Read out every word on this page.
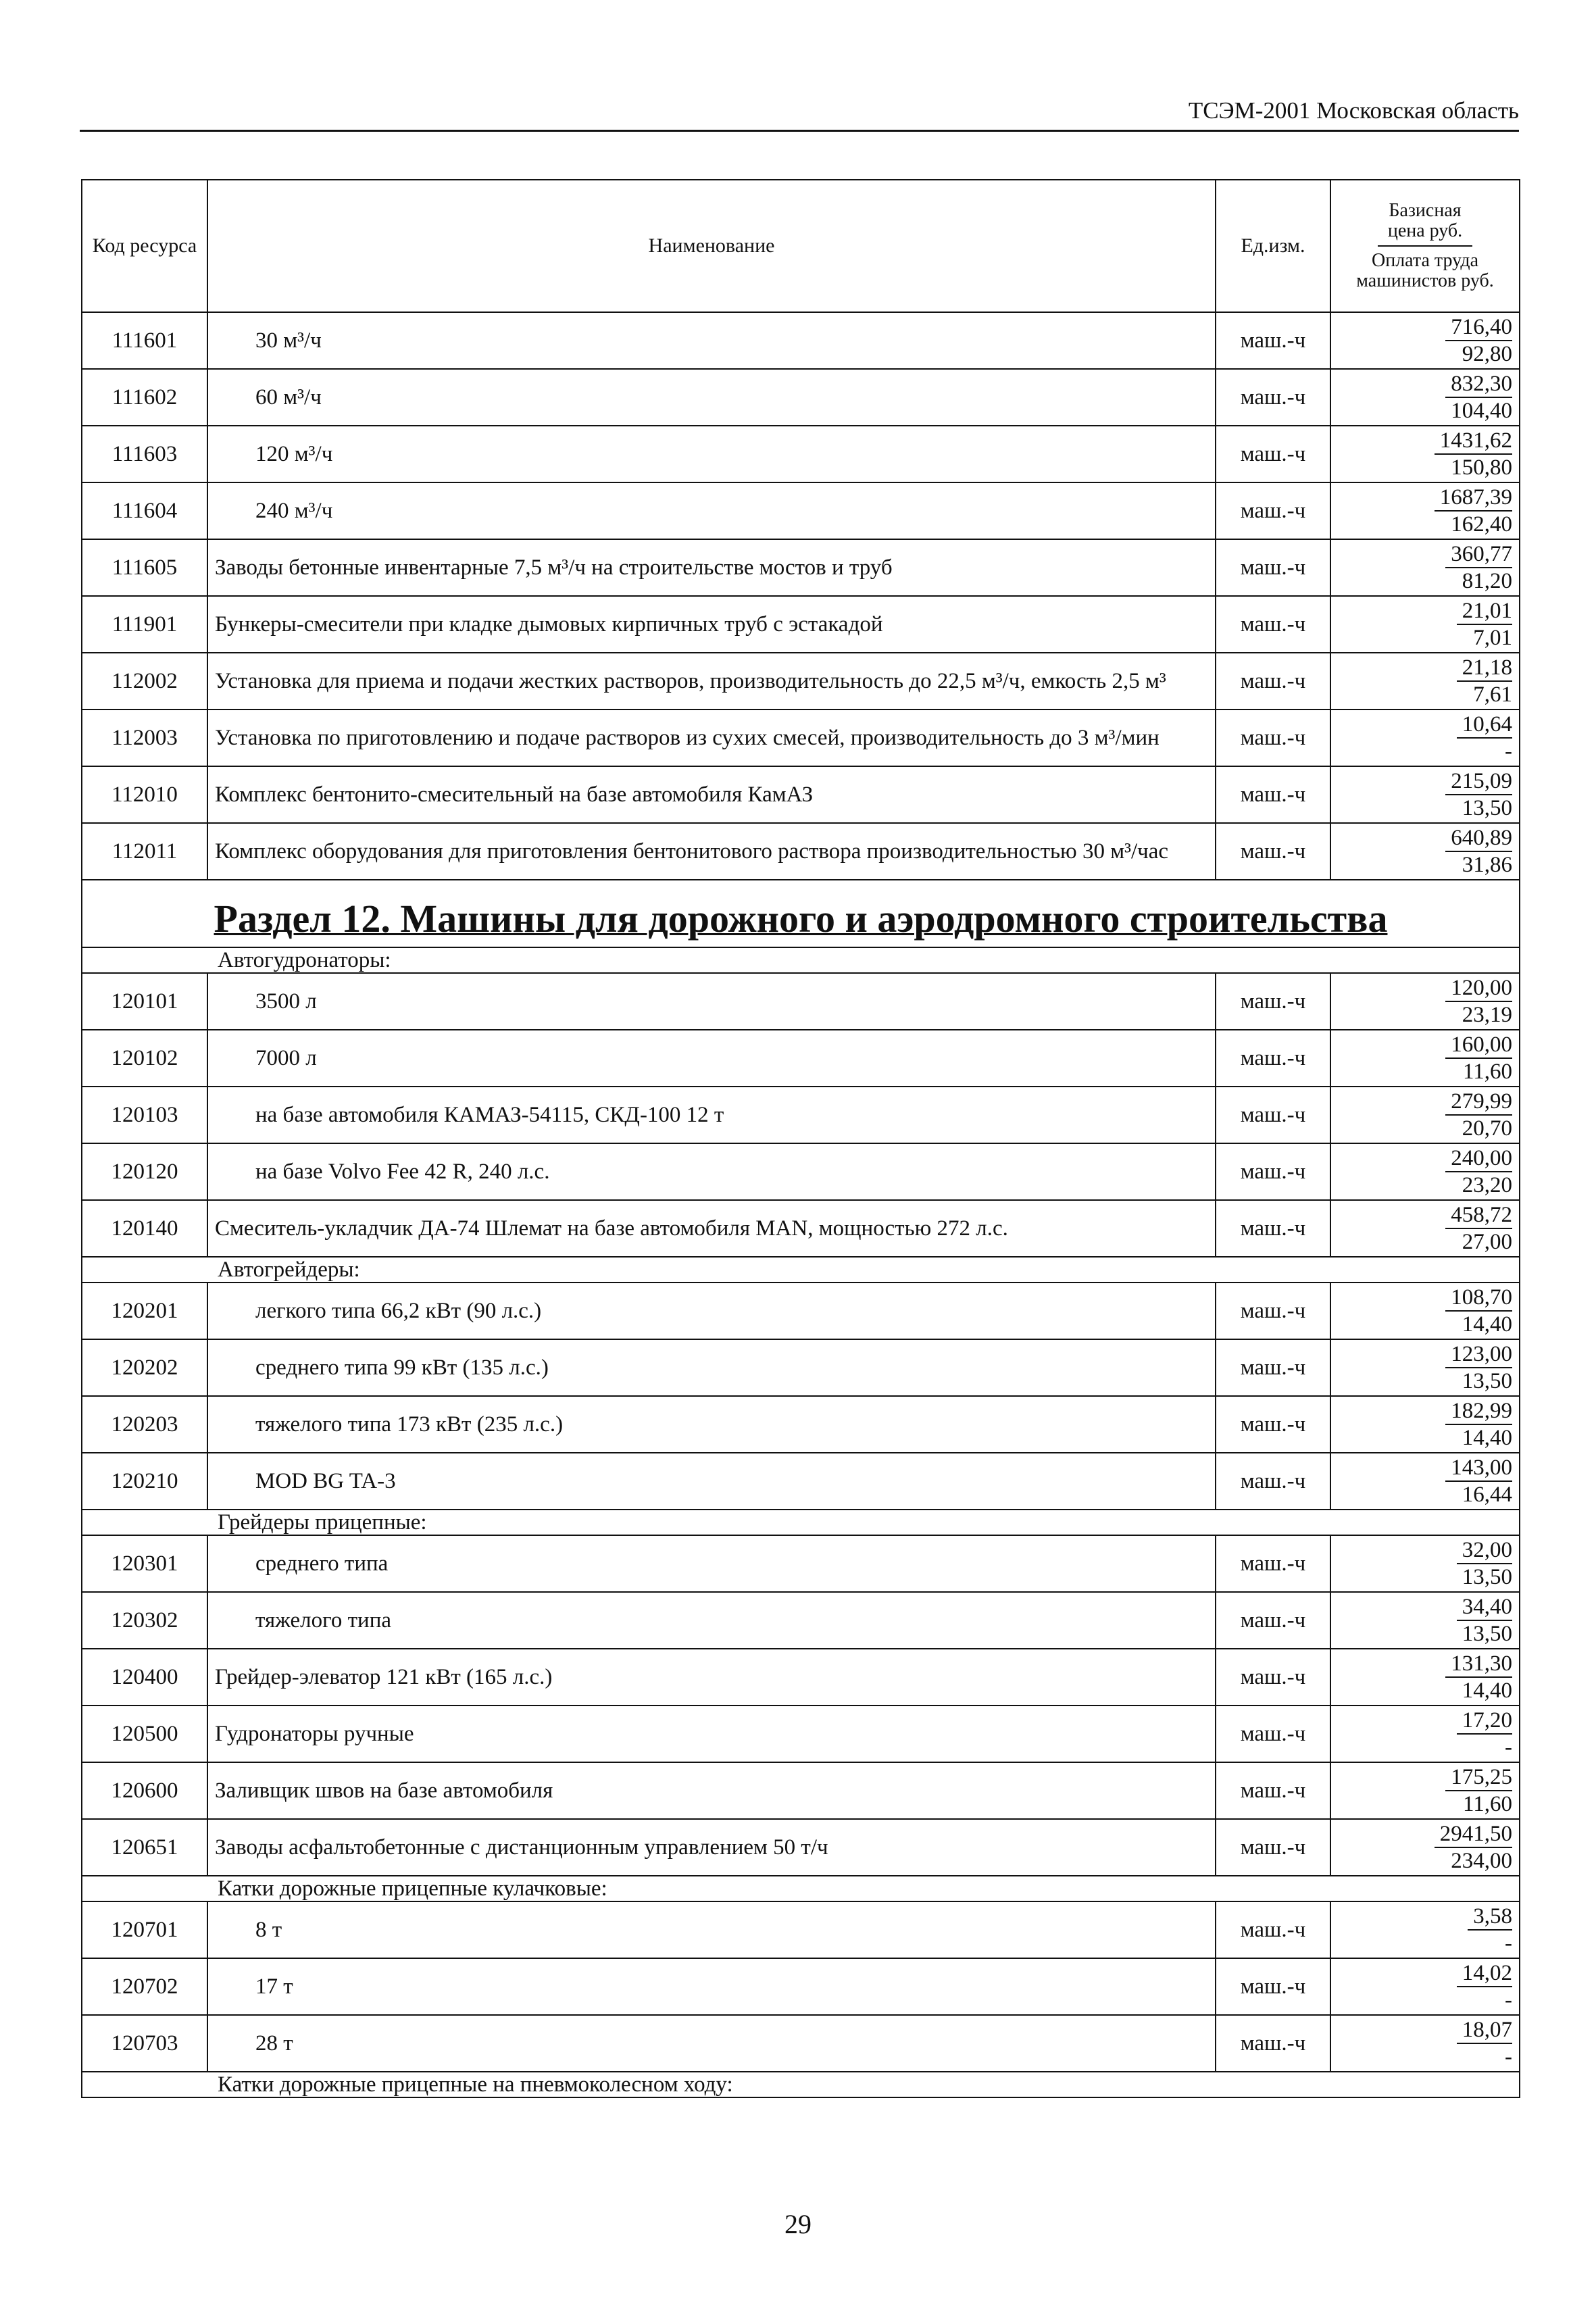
ТСЭМ-2001 Московская область
Код ресурса	Наименование	Ед.изм.	Базисная цена руб.
Оплата труда машинистов руб.

111601	30 м³/ч	маш.-ч	$\frac{716,40}{92,80}$

111602	60 м³/ч	маш.-ч	$\frac{832,30}{104,40}$

111603	120 м³/ч	маш.-ч	$\frac{1431,62}{150,80}$

111604	240 м³/ч	маш.-ч	$\frac{1687,39}{162,40}$

111605	Заводы бетонные инвентарные 7,5 м³/ч на строительстве мостов и труб	маш.-ч	$\frac{360,77}{81,20}$

111901	Бункеры-смесители при кладке дымовых кирпичных труб с эстакадой	маш.-ч	$\frac{21,01}{7,01}$

112002	Установка для приема и подачи жестких растворов, производительность до 22,5 м³/ч, емкость 2,5 м³	маш.-ч	$\frac{21,18}{7,61}$

112003	Установка по приготовлению и подаче растворов из сухих смесей, производительность до 3 м³/мин	маш.-ч	$\frac{10,64}{-}$

112010	Комплекс бентонито-смесительный на базе автомобиля КамАЗ	маш.-ч	$\frac{215,09}{13,50}$

112011	Комплекс оборудования для приготовления бентонитового раствора производительностью 30 м³/час	маш.-ч	$\frac{640,89}{31,86}$

Раздел 12. Машины для дорожного и аэродромного строительства			
Автогудронаторы:			
120101	3500 л	маш.-ч	$\frac{120,00}{23,19}$

120102	7000 л	маш.-ч	$\frac{160,00}{11,60}$

120103	на базе автомобиля КАМАЗ-54115, СКД-100 12 т	маш.-ч	$\frac{279,99}{20,70}$

120120	на базе Volvo Fee 42 R, 240 л.с.	маш.-ч	$\frac{240,00}{23,20}$

120140	Смеситель-укладчик ДА-74 Шлемат на базе автомобиля MAN, мощностью 272 л.с.	маш.-ч	$\frac{458,72}{27,00}$

Автогрейдеры:			
120201	легкого типа 66,2 кВт (90 л.с.)	маш.-ч	$\frac{108,70}{14,40}$

120202	среднего типа 99 кВт (135 л.с.)	маш.-ч	$\frac{123,00}{13,50}$

120203	тяжелого типа 173 кВт (235 л.с.)	маш.-ч	$\frac{182,99}{14,40}$

120210	MOD BG TA-3	маш.-ч	$\frac{143,00}{16,44}$

Грейдеры прицепные:			
120301	среднего типа	маш.-ч	$\frac{32,00}{13,50}$

120302	тяжелого типа	маш.-ч	$\frac{34,40}{13,50}$

120400	Грейдер-элеватор 121 кВт (165 л.с.)	маш.-ч	$\frac{131,30}{14,40}$

120500	Гудронаторы ручные	маш.-ч	$\frac{17,20}{-}$

120600	Заливщик швов на базе автомобиля	маш.-ч	$\frac{175,25}{11,60}$

120651	Заводы асфальтобетонные с дистанционным управлением 50 т/ч	маш.-ч	$\frac{2941,50}{234,00}$

Катки дорожные прицепные кулачковые:			
120701	8 т	маш.-ч	$\frac{3,58}{-}$

120702	17 т	маш.-ч	$\frac{14,02}{-}$

120703	28 т	маш.-ч	$\frac{18,07}{-}$

Катки дорожные прицепные на пневмоколесном ходу:			
29
